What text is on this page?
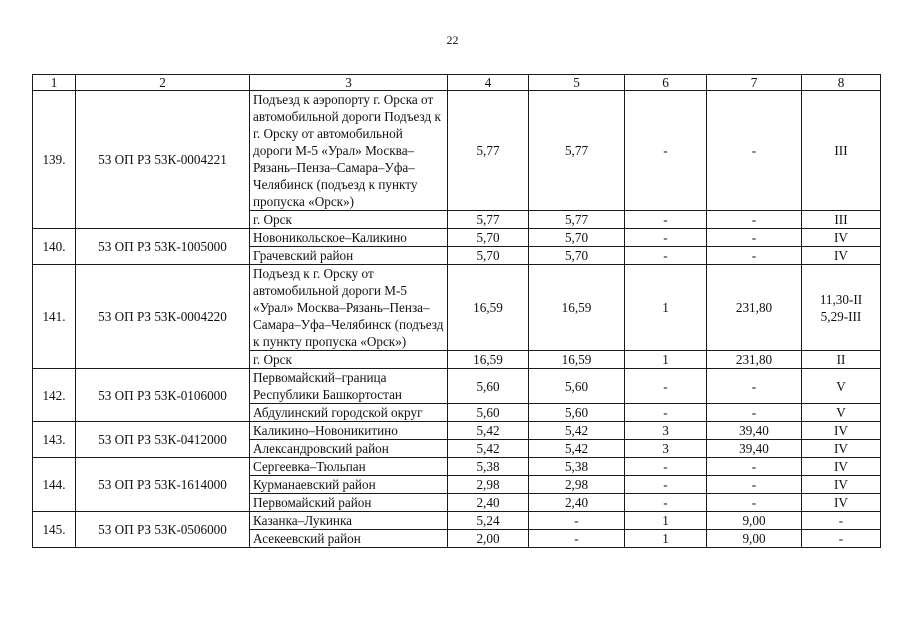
22
1	2	3	4	5	6	7	8
139.	53 ОП РЗ 53К-0004221	Подъезд к аэропорту г. Орска от автомобильной дороги Подъезд к г. Орску от автомобильной дороги М-5 «Урал» Москва–Рязань–Пенза–Самара–Уфа–Челябинск (подъезд к пункту пропуска «Орск»)	5,77	5,77	-	-	III
		г. Орск	5,77	5,77	-	-	III
140.	53 ОП РЗ 53К-1005000	Новоникольское–Каликино	5,70	5,70	-	-	IV
		Грачевский район	5,70	5,70	-	-	IV
141.	53 ОП РЗ 53К-0004220	Подъезд к г. Орску от автомобильной дороги М-5 «Урал» Москва–Рязань–Пенза–Самара–Уфа–Челябинск (подъезд к пункту пропуска «Орск»)	16,59	16,59	1	231,80	11,30-II
5,29-III
		г. Орск	16,59	16,59	1	231,80	II
142.	53 ОП РЗ 53К-0106000	Первомайский–граница Республики Башкортостан	5,60	5,60	-	-	V
		Абдулинский городской округ	5,60	5,60	-	-	V
143.	53 ОП РЗ 53К-0412000	Каликино–Новоникитино	5,42	5,42	3	39,40	IV
		Александровский район	5,42	5,42	3	39,40	IV
144.	53 ОП РЗ 53К-1614000	Сергеевка–Тюльпан	5,38	5,38	-	-	IV
		Курманаевский район	2,98	2,98	-	-	IV
		Первомайский район	2,40	2,40	-	-	IV
145.	53 ОП РЗ 53К-0506000	Казанка–Лукинка	5,24	-	1	9,00	-
		Асекеевский район	2,00	-	1	9,00	-
